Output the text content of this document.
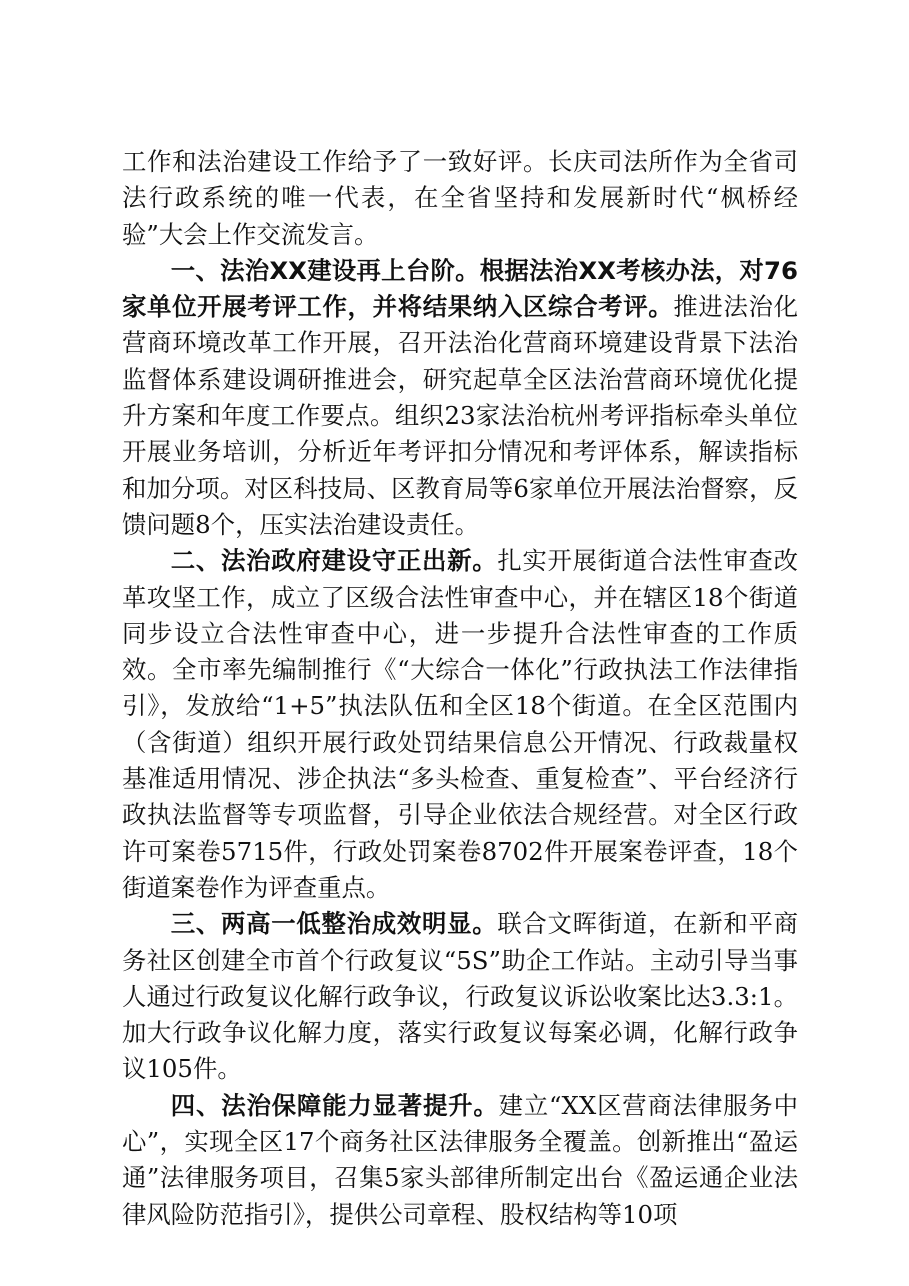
工作和法治建设工作给予了一致好评。长庆司法所作为全省司法行政系统的唯一代表，在全省坚持和发展新时代“枫桥经验”大会上作交流发言。

一、法治XX建设再上台阶。根据法治XX考核办法，对76家单位开展考评工作，并将结果纳入区综合考评。推进法治化营商环境改革工作开展，召开法治化营商环境建设背景下法治监督体系建设调研推进会，研究起草全区法治营商环境优化提升方案和年度工作要点。组织23家法治杭州考评指标牵头单位开展业务培训，分析近年考评扣分情况和考评体系，解读指标和加分项。对区科技局、区教育局等6家单位开展法治督察，反馈问题8个，压实法治建设责任。

二、法治政府建设守正出新。扎实开展街道合法性审查改革攻坚工作，成立了区级合法性审查中心，并在辖区18个街道同步设立合法性审查中心，进一步提升合法性审查的工作质效。全市率先编制推行《“大综合一体化”行政执法工作法律指引》，发放给“1+5”执法队伍和全区18个街道。在全区范围内（含街道）组织开展行政处罚结果信息公开情况、行政裁量权基准适用情况、涉企执法“多头检查、重复检查”、平台经济行政执法监督等专项监督，引导企业依法合规经营。对全区行政许可案卷5715件，行政处罚案卷8702件开展案卷评查，18个街道案卷作为评查重点。

三、两高一低整治成效明显。联合文晖街道，在新和平商务社区创建全市首个行政复议“5S”助企工作站。主动引导当事人通过行政复议化解行政争议，行政复议诉讼收案比达3.3:1。加大行政争议化解力度，落实行政复议每案必调，化解行政争议105件。

四、法治保障能力显著提升。建立“XX区营商法律服务中心”，实现全区17个商务社区法律服务全覆盖。创新推出“盈运通”法律服务项目，召集5家头部律所制定出台《盈运通企业法律风险防范指引》，提供公司章程、股权结构等10项
